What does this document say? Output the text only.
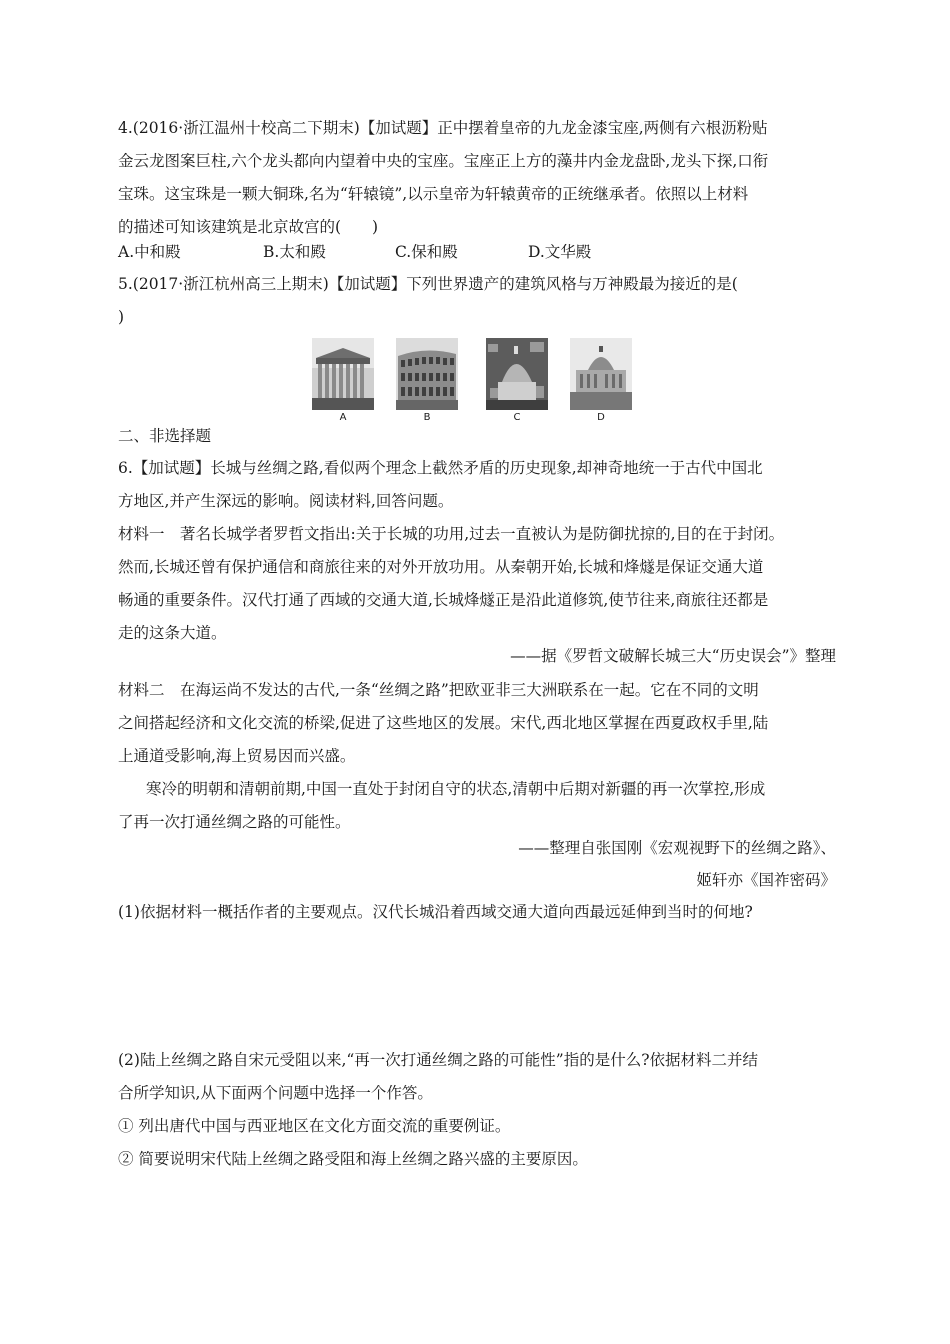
4.(2016·浙江温州十校高二下期末)【加试题】正中摆着皇帝的九龙金漆宝座,两侧有六根沥粉贴
金云龙图案巨柱,六个龙头都向内望着中央的宝座。宝座正上方的藻井内金龙盘卧,龙头下探,口衔
宝珠。这宝珠是一颗大铜珠,名为“轩辕镜”,以示皇帝为轩辕黄帝的正统继承者。依照以上材料
的描述可知该建筑是北京故宫的(　　)
A.中和殿	B.太和殿	C.保和殿	D.文华殿
5.(2017·浙江杭州高三上期末)【加试题】下列世界遗产的建筑风格与万神殿最为接近的是(
)
A	B	C	D
二、非选择题
6.【加试题】长城与丝绸之路,看似两个理念上截然矛盾的历史现象,却神奇地统一于古代中国北
方地区,并产生深远的影响。阅读材料,回答问题。
材料一　著名长城学者罗哲文指出:关于长城的功用,过去一直被认为是防御扰掠的,目的在于封闭。
然而,长城还曾有保护通信和商旅往来的对外开放功用。从秦朝开始,长城和烽燧是保证交通大道
畅通的重要条件。汉代打通了西域的交通大道,长城烽燧正是沿此道修筑,使节往来,商旅往还都是
走的这条大道。
——据《罗哲文破解长城三大“历史误会”》整理
材料二　在海运尚不发达的古代,一条“丝绸之路”把欧亚非三大洲联系在一起。它在不同的文明
之间搭起经济和文化交流的桥梁,促进了这些地区的发展。宋代,西北地区掌握在西夏政权手里,陆
上通道受影响,海上贸易因而兴盛。
寒冷的明朝和清朝前期,中国一直处于封闭自守的状态,清朝中后期对新疆的再一次掌控,形成
了再一次打通丝绸之路的可能性。
——整理自张国刚《宏观视野下的丝绸之路》、
姬轩亦《国祚密码》
(1)依据材料一概括作者的主要观点。汉代长城沿着西域交通大道向西最远延伸到当时的何地?
(2)陆上丝绸之路自宋元受阻以来,“再一次打通丝绸之路的可能性”指的是什么?依据材料二并结
合所学知识,从下面两个问题中选择一个作答。
① 列出唐代中国与西亚地区在文化方面交流的重要例证。
② 简要说明宋代陆上丝绸之路受阻和海上丝绸之路兴盛的主要原因。
